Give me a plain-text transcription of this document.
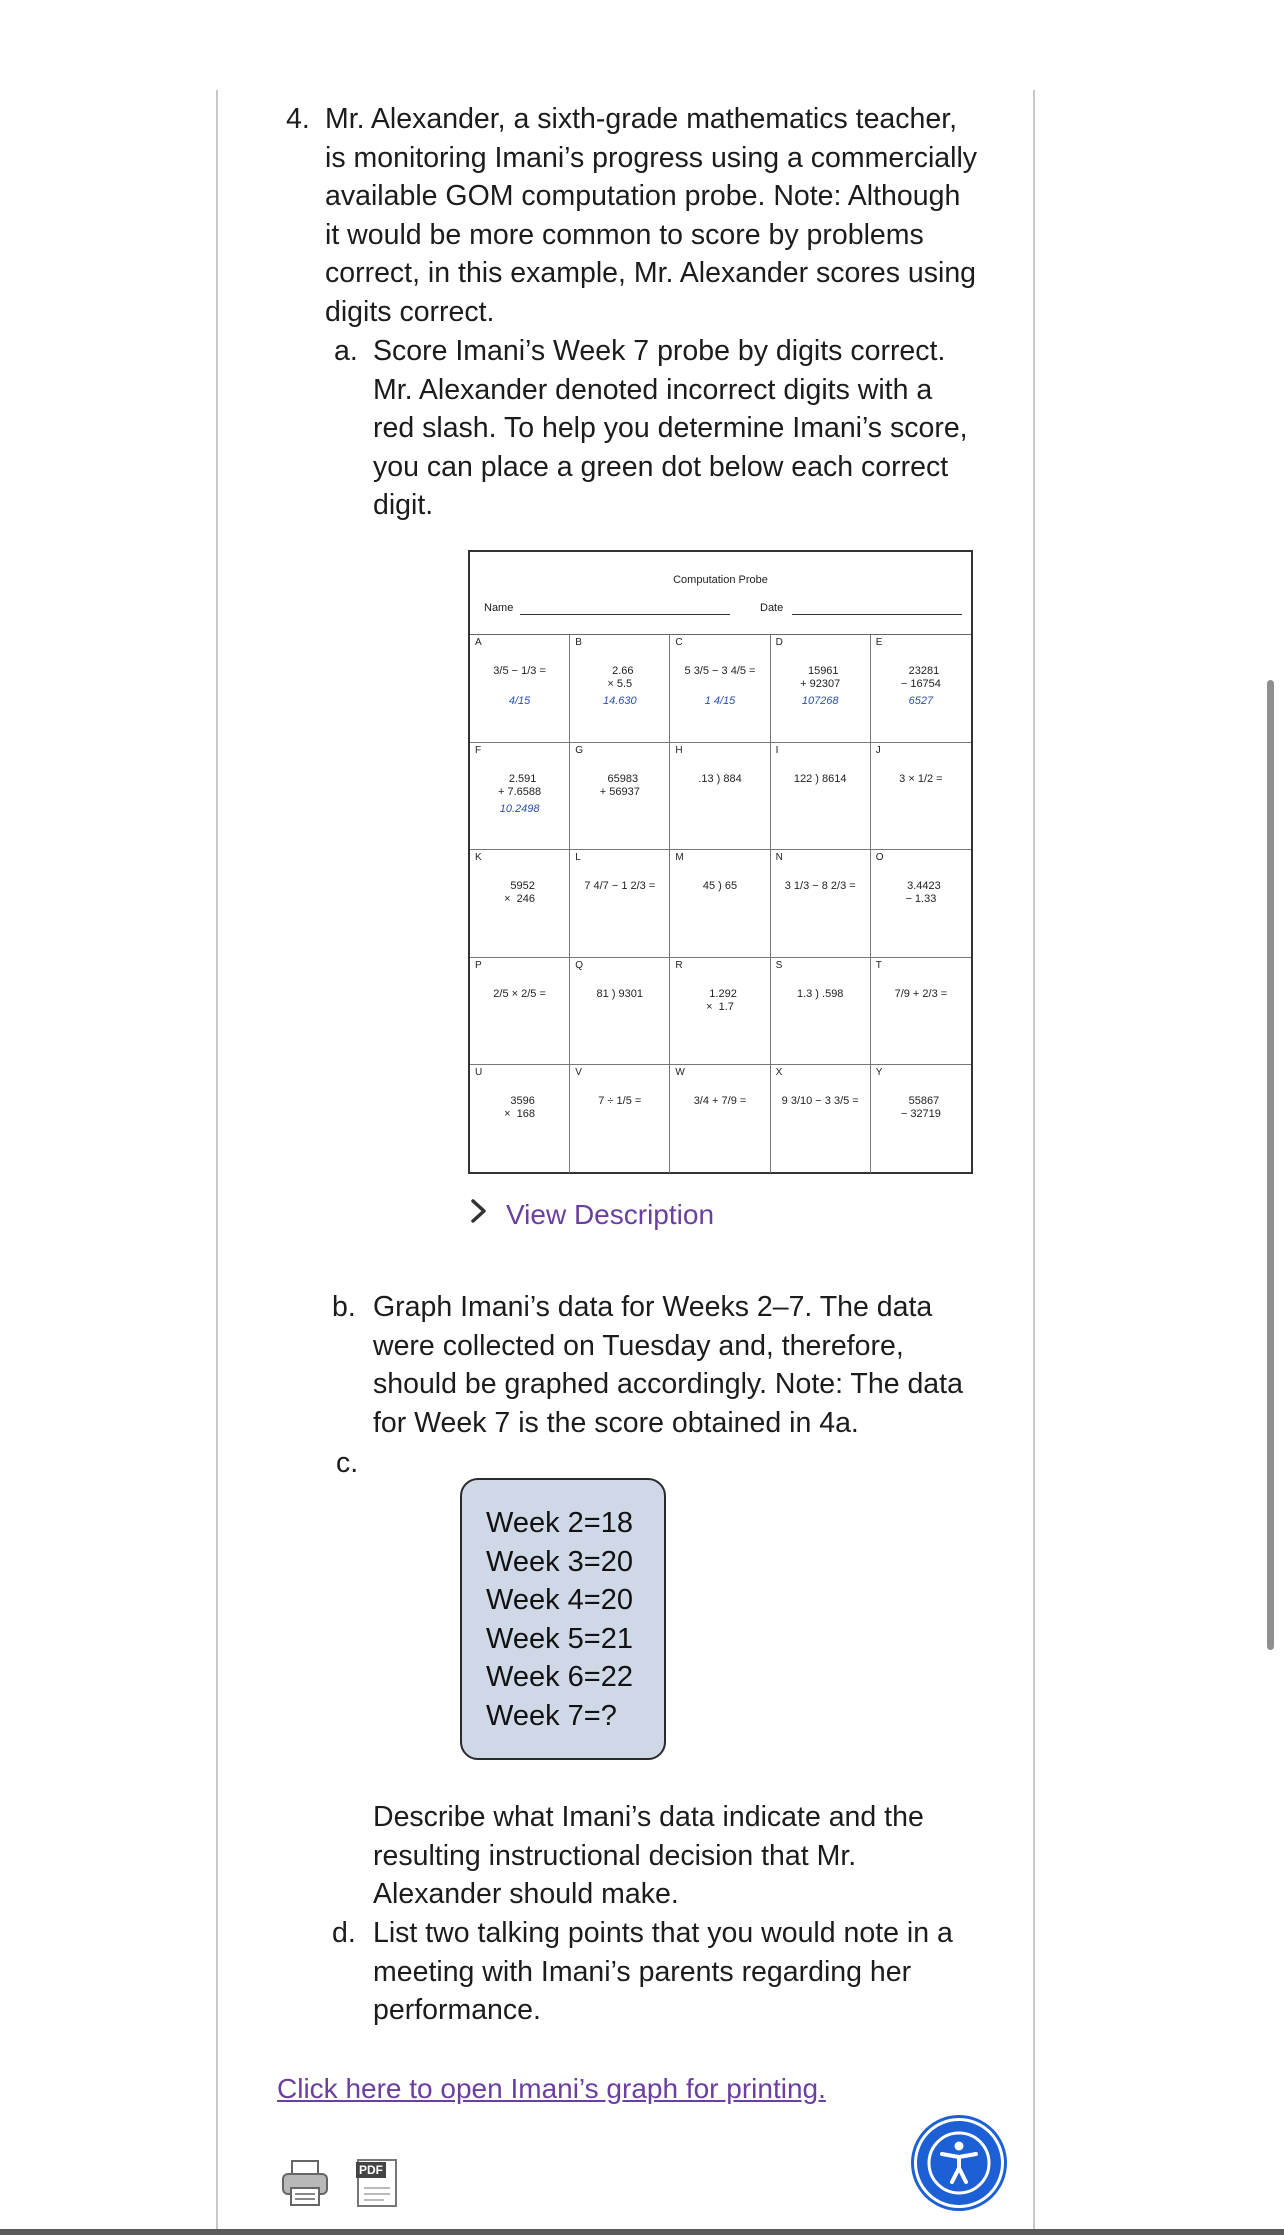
4. Mr. Alexander, a sixth-grade mathematics teacher,
is monitoring Imani’s progress using a commercially
available GOM computation probe. Note: Although
it would be more common to score by problems
correct, in this example, Mr. Alexander scores using
digits correct.
a. Score Imani’s Week 7 probe by digits correct.
Mr. Alexander denoted incorrect digits with a
red slash. To help you determine Imani’s score,
you can place a green dot below each correct
digit.
Computation Probe
Name	Date
A
3/5 − 1/3 =
4/15
B
2.66
× 5.5
14.630
C
5 3/5 − 3 4/5 =
1 4/15
D
15961
+ 92307
107268
E
23281
− 16754
6527
F
2.591
+ 7.6588
10.2498
G
65983
+ 56937
H
.13 ) 884
I
122 ) 8614
J
3 × 1/2 =
K
5952
×  246
L
7 4/7 − 1 2/3 =
M
45 ) 65
N
3 1/3 − 8 2/3 =
O
3.4423
− 1.33
P
2/5 × 2/5 =
Q
81 ) 9301
R
1.292
×  1.7
S
1.3 ) .598
T
7/9 + 2/3 =
U
3596
×  168
V
7 ÷ 1/5 =
W
3/4 + 7/9 =
X
9 3/10 − 3 3/5 =
Y
55867
− 32719
View Description
b. Graph Imani’s data for Weeks 2–7. The data
were collected on Tuesday and, therefore,
should be graphed accordingly. Note: The data
for Week 7 is the score obtained in 4a.
c.
Week 2=18
Week 3=20
Week 4=20
Week 5=21
Week 6=22
Week 7=?
Describe what Imani’s data indicate and the
resulting instructional decision that Mr.
Alexander should make.
d. List two talking points that you would note in a
meeting with Imani’s parents regarding her
performance.
Click here to open Imani’s graph for printing.
PDF
